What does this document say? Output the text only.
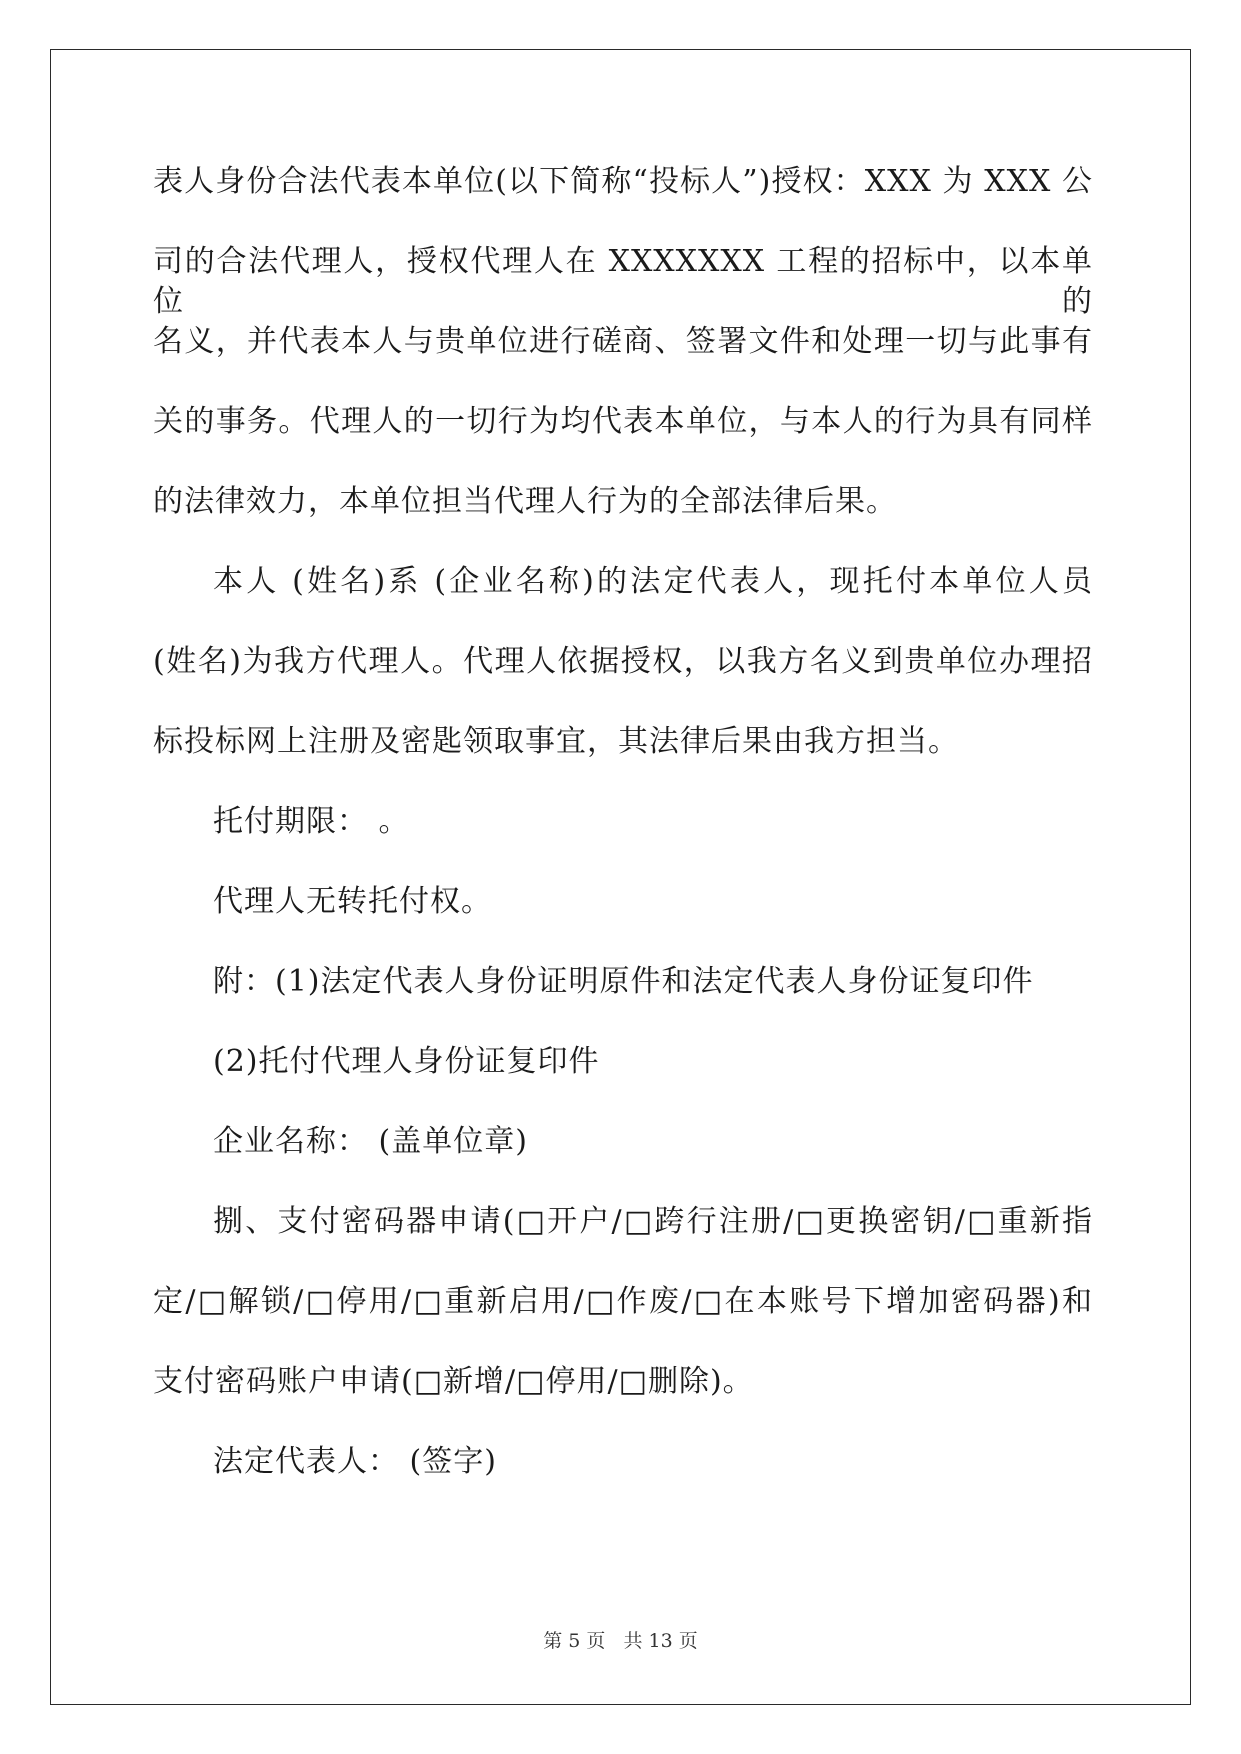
表人身份合法代表本单位(以下简称“投标人”)授权：XXX 为 XXX 公
司的合法代理人，授权代理人在 XXXXXXX 工程的招标中，以本单位的
名义，并代表本人与贵单位进行磋商、签署文件和处理一切与此事有
关的事务。代理人的一切行为均代表本单位，与本人的行为具有同样
的法律效力，本单位担当代理人行为的全部法律后果。
本人 (姓名)系 (企业名称)的法定代表人，现托付本单位人员
(姓名)为我方代理人。代理人依据授权，以我方名义到贵单位办理招
标投标网上注册及密匙领取事宜，其法律后果由我方担当。
托付期限： 。
代理人无转托付权。
附：(1)法定代表人身份证明原件和法定代表人身份证复印件
(2)托付代理人身份证复印件
企业名称： (盖单位章)
捌、支付密码器申请(□开户/□跨行注册/□更换密钥/□重新指
定/□解锁/□停用/□重新启用/□作废/□在本账号下增加密码器)和
支付密码账户申请(□新增/□停用/□删除)。
法定代表人： (签字)
第 5 页 共 13 页
